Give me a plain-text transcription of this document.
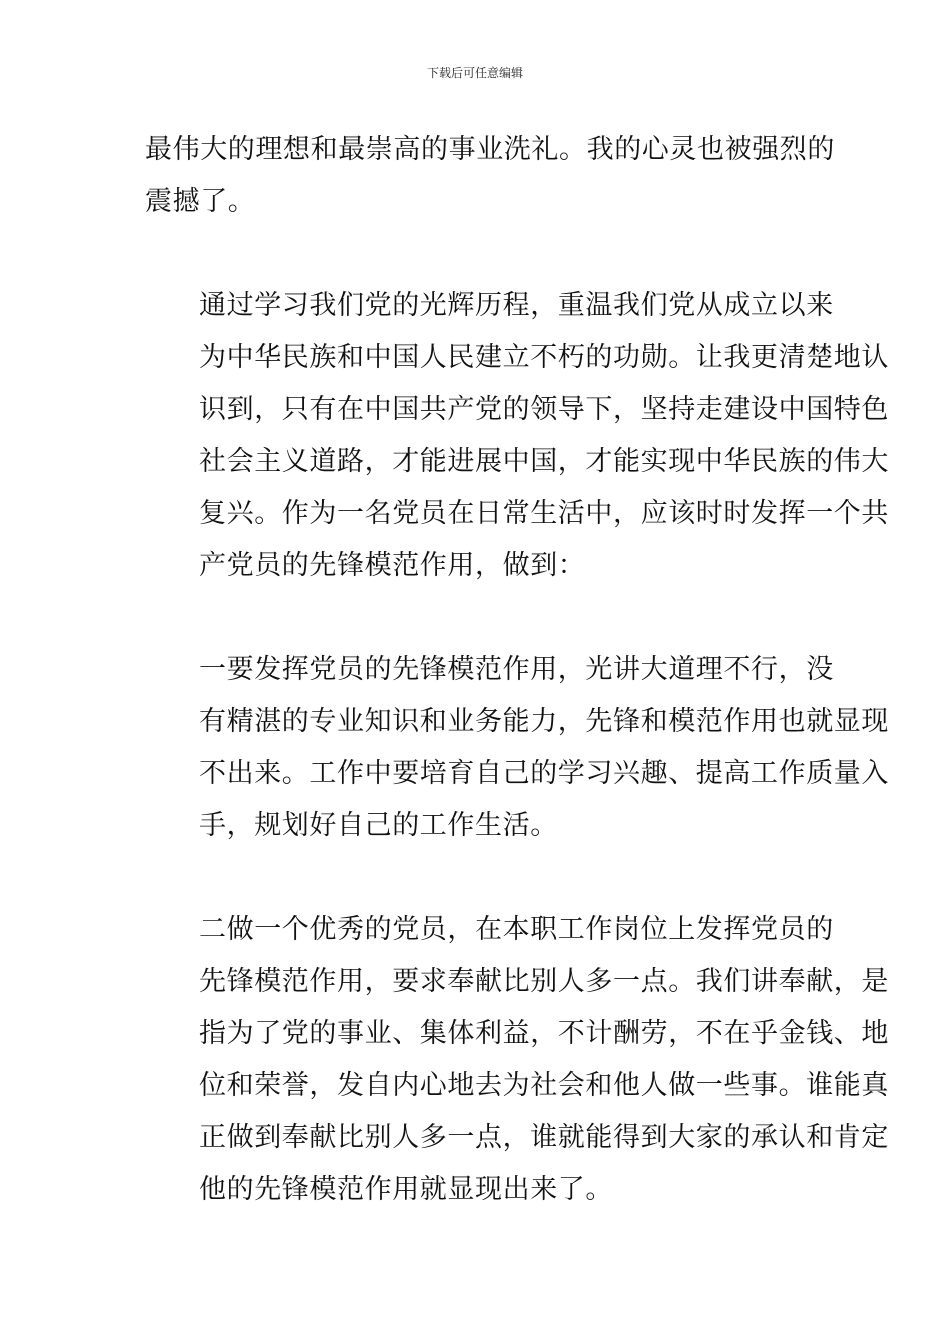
下载后可任意编辑

最伟大的理想和最崇高的事业洗礼。我的心灵也被强烈的
震撼了。

通过学习我们党的光辉历程，重温我们党从成立以来
为中华民族和中国人民建立不朽的功勋。让我更清楚地认
识到，只有在中国共产党的领导下，坚持走建设中国特色
社会主义道路，才能进展中国，才能实现中华民族的伟大
复兴。作为一名党员在日常生活中，应该时时发挥一个共
产党员的先锋模范作用，做到：

一要发挥党员的先锋模范作用，光讲大道理不行，没
有精湛的专业知识和业务能力，先锋和模范作用也就显现
不出来。工作中要培育自己的学习兴趣、提高工作质量入
手，规划好自己的工作生活。

二做一个优秀的党员，在本职工作岗位上发挥党员的
先锋模范作用，要求奉献比别人多一点。我们讲奉献，是
指为了党的事业、集体利益，不计酬劳，不在乎金钱、地
位和荣誉，发自内心地去为社会和他人做一些事。谁能真
正做到奉献比别人多一点，谁就能得到大家的承认和肯定
他的先锋模范作用就显现出来了。
